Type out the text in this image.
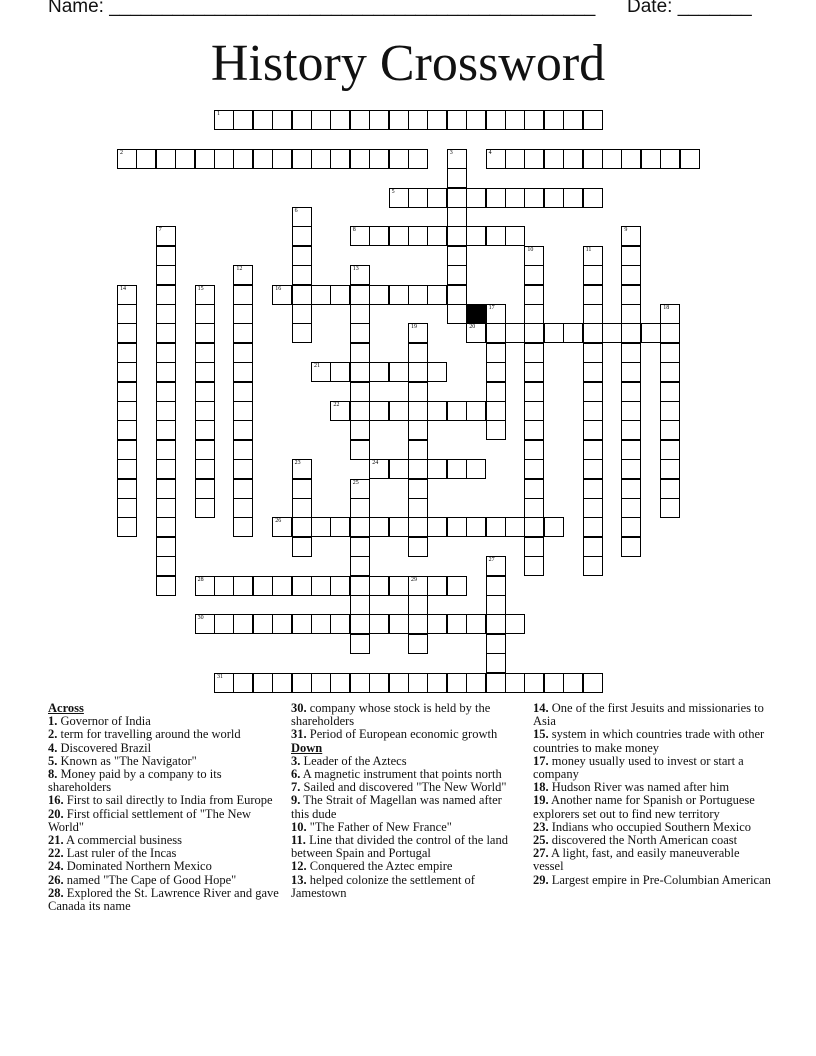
Name: ______________________________________________ Date: _______
History Crossword
1
2	4
5
8
16
20
21
22
24
26
28	29
30
31
3
6
7	9
10	11
12	13
14	15
17	18
19
23
25
27
Across
1. Governor of India
2. term for travelling around the world
4. Discovered Brazil
5. Known as "The Navigator"
8. Money paid by a company to its shareholders
16. First to sail directly to India from Europe
20. First official settlement of "The New World"
21. A commercial business
22. Last ruler of the Incas
24. Dominated Northern Mexico
26. named "The Cape of Good Hope"
28. Explored the St. Lawrence River and gave Canada its name
30. company whose stock is held by the shareholders
31. Period of European economic growth
Down
3. Leader of the Aztecs
6. A magnetic instrument that points north
7. Sailed and discovered "The New World"
9. The Strait of Magellan was named after this dude
10. "The Father of New France"
11. Line that divided the control of the land between Spain and Portugal
12. Conquered the Aztec empire
13. helped colonize the settlement of Jamestown
14. One of the first Jesuits and missionaries to Asia
15. system in which countries trade with other countries to make money
17. money usually used to invest or start a company
18. Hudson River was named after him
19. Another name for Spanish or Portuguese explorers set out to find new territory
23. Indians who occupied Southern Mexico
25. discovered the North American coast
27. A light, fast, and easily maneuverable vessel
29. Largest empire in Pre-Columbian American
